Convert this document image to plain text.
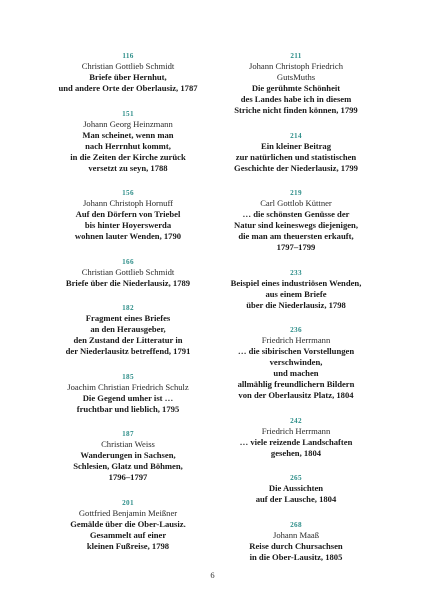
116
Christian Gottlieb Schmidt
Briefe über Hernhut,
und andere Orte der Oberlausiz, 1787
151
Johann Georg Heinzmann
Man scheinet, wenn man
nach Herrnhut kommt,
in die Zeiten der Kirche zurück
versetzt zu seyn, 1788
156
Johann Christoph Hornuff
Auf den Dörfern von Triebel
bis hinter Hoyerswerda
wohnen lauter Wenden, 1790
166
Christian Gottlieb Schmidt
Briefe über die Niederlausiz, 1789
182
Fragment eines Briefes
an den Herausgeber,
den Zustand der Litteratur in
der Niederlausitz betreffend, 1791
185
Joachim Christian Friedrich Schulz
Die Gegend umher ist …
fruchtbar und lieblich, 1795
187
Christian Weiss
Wanderungen in Sachsen,
Schlesien, Glatz und Böhmen,
1796–1797
201
Gottfried Benjamin Meißner
Gemälde über die Ober-Lausiz.
Gesammelt auf einer
kleinen Fußreise, 1798
211
Johann Christoph Friedrich
GutsMuths
Die gerühmte Schönheit
des Landes habe ich in diesem
Striche nicht finden können, 1799
214
Ein kleiner Beitrag
zur natürlichen und statistischen
Geschichte der Niederlausiz, 1799
219
Carl Gottlob Küttner
… die schönsten Genüsse der
Natur sind keineswegs diejenigen,
die man am theuersten erkauft,
1797–1799
233
Beispiel eines industriösen Wenden,
aus einem Briefe
über die Niederlausiz, 1798
236
Friedrich Herrmann
… die sibirischen Vorstellungen verschwinden,
und machen
allmählig freundlichern Bildern
von der Oberlausitz Platz, 1804
242
Friedrich Herrmann
… viele reizende Landschaften
gesehen, 1804
265
Die Aussichten
auf der Lausche, 1804
268
Johann Maaß
Reise durch Chursachsen
in die Ober-Lausitz, 1805
6
